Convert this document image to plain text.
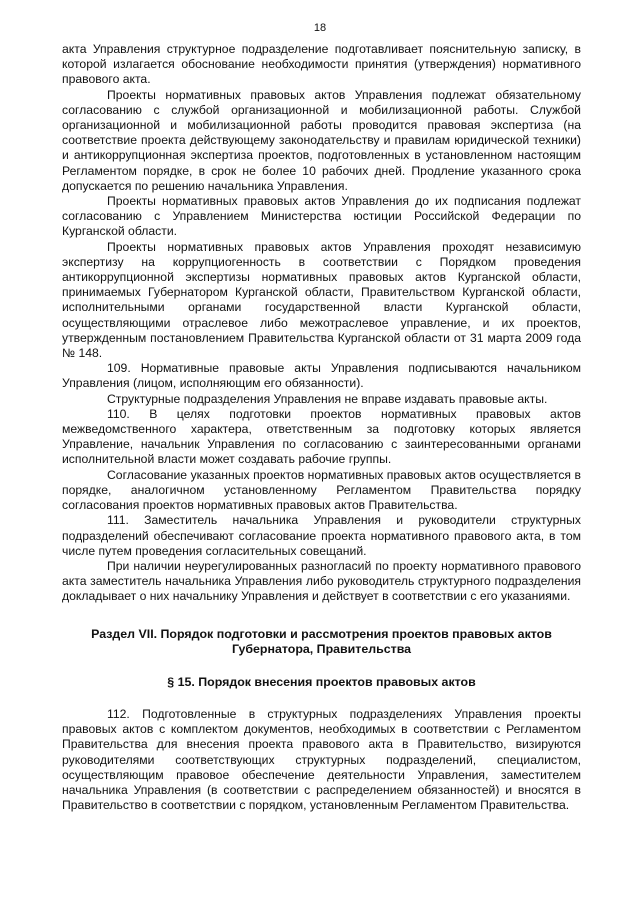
18

акта Управления структурное подразделение подготавливает пояснительную записку, в которой излагается обоснование необходимости принятия (утверждения) нормативного правового акта.

Проекты нормативных правовых актов Управления подлежат обязательному согласованию с службой организационной и мобилизационной работы. Службой организационной и мобилизационной работы проводится правовая экспертиза (на соответствие проекта действующему законодательству и правилам юридической техники) и антикоррупционная экспертиза проектов, подготовленных в установленном настоящим Регламентом порядке, в срок не более 10 рабочих дней. Продление указанного срока допускается по решению начальника Управления.

Проекты нормативных правовых актов Управления до их подписания подлежат согласованию с Управлением Министерства юстиции Российской Федерации по Курганской области.

Проекты нормативных правовых актов Управления проходят независимую экспертизу на коррупциогенность в соответствии с Порядком проведения антикоррупционной экспертизы нормативных правовых актов Курганской области, принимаемых Губернатором Курганской области, Правительством Курганской области, исполнительными органами государственной власти Курганской области, осуществляющими отраслевое либо межотраслевое управление, и их проектов, утвержденным постановлением Правительства Курганской области от 31 марта 2009 года № 148.

109. Нормативные правовые акты Управления подписываются начальником Управления (лицом, исполняющим его обязанности).

Структурные подразделения Управления не вправе издавать правовые акты.

110. В целях подготовки проектов нормативных правовых актов межведомственного характера, ответственным за подготовку которых является Управление, начальник Управления по согласованию с заинтересованными органами исполнительной власти может создавать рабочие группы.

Согласование указанных проектов нормативных правовых актов осуществляется в порядке, аналогичном установленному Регламентом Правительства порядку согласования проектов нормативных правовых актов Правительства.

111. Заместитель начальника Управления и руководители структурных подразделений обеспечивают согласование проекта нормативного правового акта, в том числе путем проведения согласительных совещаний.

При наличии неурегулированных разногласий по проекту нормативного правового акта заместитель начальника Управления либо руководитель структурного подразделения докладывает о них начальнику Управления и действует в соответствии с его указаниями.

Раздел VII. Порядок подготовки и рассмотрения проектов правовых актов
Губернатора, Правительства
§ 15. Порядок внесения проектов правовых актов

112. Подготовленные в структурных подразделениях Управления проекты правовых актов с комплектом документов, необходимых в соответствии с Регламентом Правительства для внесения проекта правового акта в Правительство, визируются руководителями соответствующих структурных подразделений, специалистом, осуществляющим правовое обеспечение деятельности Управления, заместителем начальника Управления (в соответствии с распределением обязанностей) и вносятся в Правительство в соответствии с порядком, установленным Регламентом Правительства.
